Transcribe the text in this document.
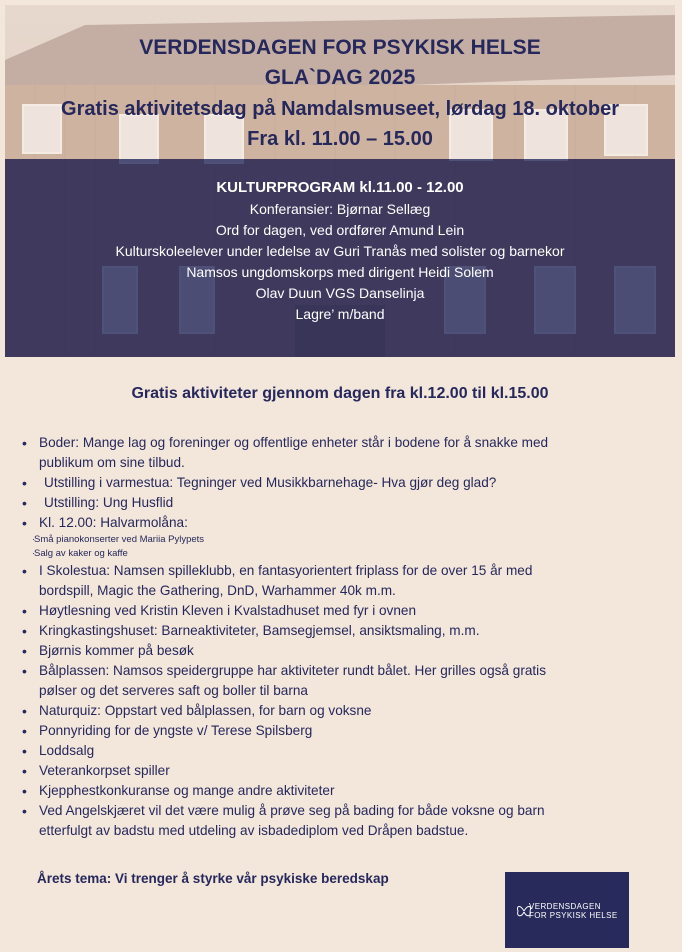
VERDENSDAGEN FOR PSYKISK HELSE
GLA`DAG 2025
Gratis aktivitetsdag på Namdalsmuseet, lørdag 18. oktober
Fra kl. 11.00 – 15.00
KULTURPROGRAM kl.11.00 - 12.00
Konferansier: Bjørnar Sellæg
Ord for dagen, ved ordfører Amund Lein
Kulturskoleelever under ledelse av Guri Tranås med solister og barnekor
Namsos ungdomskorps med dirigent Heidi Solem
Olav Duun VGS Danselinja
Lagre’ m/band
Gratis aktiviteter gjennom dagen fra kl.12.00 til kl.15.00
• Boder: Mange lag og foreninger og offentlige enheter står i bodene for å snakke med
publikum om sine tilbud.
• Utstilling i varmestua: Tegninger ved Musikkbarnehage- Hva gjør deg glad?
• Utstilling: Ung Husflid
• Kl. 12.00: Halvarmolåna:
· Små pianokonserter ved Mariia Pylypets
· Salg av kaker og kaffe
• I Skolestua: Namsen spilleklubb, en fantasyorientert friplass for de over 15 år med
bordspill, Magic the Gathering, DnD, Warhammer 40k m.m.
• Høytlesning ved Kristin Kleven i Kvalstadhuset med fyr i ovnen
• Kringkastingshuset: Barneaktiviteter, Bamsegjemsel, ansiktsmaling, m.m.
• Bjørnis kommer på besøk
• Bålplassen: Namsos speidergruppe har aktiviteter rundt bålet. Her grilles også gratis
pølser og det serveres saft og boller til barna
• Naturquiz: Oppstart ved bålplassen, for barn og voksne
• Ponnyriding for de yngste v/ Terese Spilsberg
• Loddsalg
• Veterankorpset spiller
• Kjepphestkonkuranse og mange andre aktiviteter
• Ved Angelskjæret vil det være mulig å prøve seg på bading for både voksne og barn
etterfulgt av badstu med utdeling av isbadediplom ved Dråpen badstue.
Årets tema: Vi trenger å styrke vår psykiske beredskap
VERDENSDAGEN
FOR PSYKISK HELSE
